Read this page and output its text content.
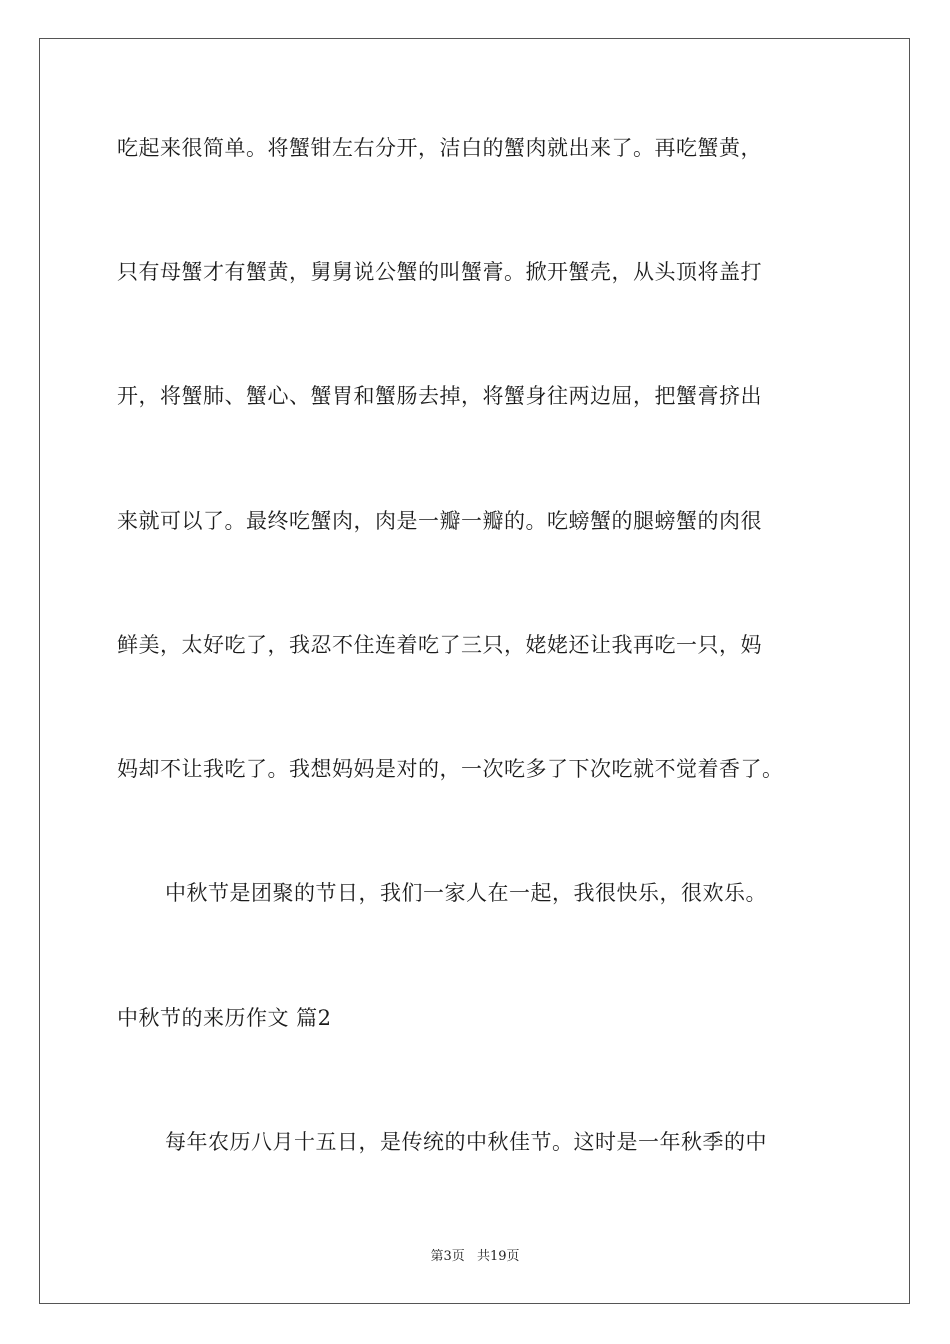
吃起来很简单。将蟹钳左右分开，洁白的蟹肉就出来了。再吃蟹黄，
只有母蟹才有蟹黄，舅舅说公蟹的叫蟹膏。掀开蟹壳，从头顶将盖打
开，将蟹肺、蟹心、蟹胃和蟹肠去掉，将蟹身往两边屈，把蟹膏挤出
来就可以了。最终吃蟹肉，肉是一瓣一瓣的。吃螃蟹的腿螃蟹的肉很
鲜美，太好吃了，我忍不住连着吃了三只，姥姥还让我再吃一只，妈
妈却不让我吃了。我想妈妈是对的，一次吃多了下次吃就不觉着香了。
中秋节是团聚的节日，我们一家人在一起，我很快乐，很欢乐。
中秋节的来历作文 篇2
每年农历八月十五日，是传统的中秋佳节。这时是一年秋季的中
第3页 共19页
